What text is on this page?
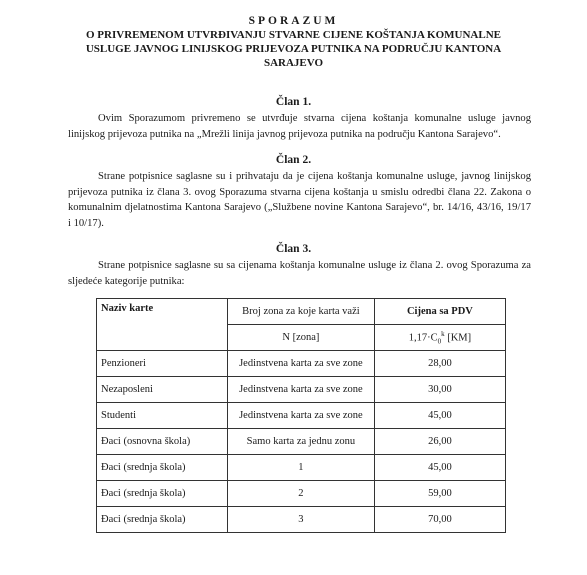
SPORAZUM
O PRIVREMENOM UTVRĐIVANJU STVARNE CIJENE KOŠTANJA KOMUNALNE
USLUGE JAVNOG LINIJSKOG PRIJEVOZA PUTNIKA NA PODRUČJU KANTONA
SARAJEVO
Član 1.
Ovim Sporazumom privremeno se utvrđuje stvarna cijena koštanja komunalne usluge javnog linijskog prijevoza putnika na „Mrežli linija javnog prijevoza putnika na području Kantona Sarajevo“.
Član 2.
Strane potpisnice saglasne su i prihvataju da je cijena koštanja komunalne usluge, javnog linijskog prijevoza putnika iz člana 3. ovog Sporazuma stvarna cijena koštanja u smislu odredbi člana 22. Zakona o komunalnim djelatnostima Kantona Sarajevo („Službene novine Kantona Sarajevo“, br. 14/16, 43/16, 19/17 i 10/17).
Član 3.
Strane potpisnice saglasne su sa cijenama koštanja komunalne usluge iz člana 2. ovog Sporazuma za sljedeće kategorije putnika:
Naziv karte	Broj zona za koje karta važi	Cijena sa PDV
	N [zona]	$1,17\cdot C_0^k$ [KM]
Penzioneri	Jedinstvena karta za sve zone	28,00
Nezaposleni	Jedinstvena karta za sve zone	30,00
Studenti	Jedinstvena karta za sve zone	45,00
Đaci (osnovna škola)	Samo karta za jednu zonu	26,00
Đaci (srednja škola)	1	45,00
Đaci (srednja škola)	2	59,00
Đaci (srednja škola)	3	70,00
